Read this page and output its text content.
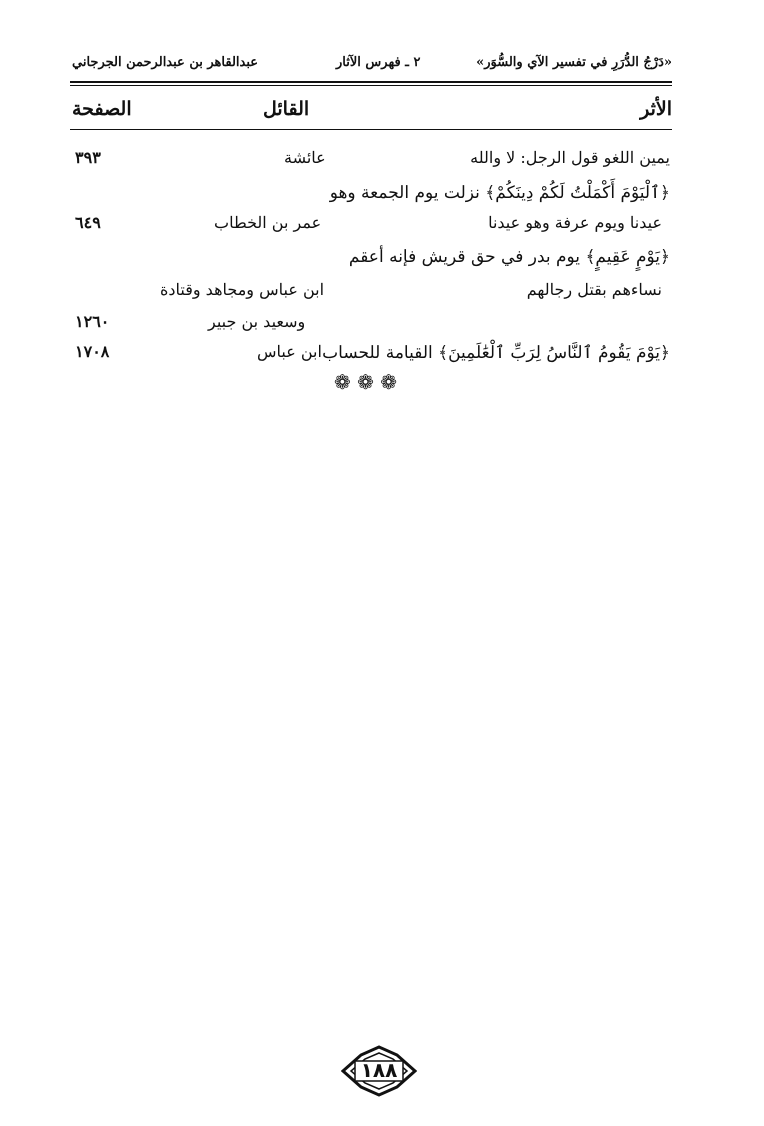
«دَرْجُ الدُّرَرِ في تفسير الآي والسُّوَر»
٢ ـ فهرس الآثار
عبدالقاهر بن عبدالرحمن الجرجاني
الأثر
القائل
الصفحة
يمين اللغو قول الرجل: لا والله
عائشة
٣٩٣
﴿ٱلْيَوْمَ أَكْمَلْتُ لَكُمْ دِينَكُمْ﴾ نزلت يوم الجمعة وهو
عيدنا ويوم عرفة وهو عيدنا
عمر بن الخطاب
٦٤٩
﴿يَوْمٍ عَقِيمٍ﴾ يوم بدر في حق قريش فإنه أعقم
نساءهم بقتل رجالهم
ابن عباس ومجاهد وقتادة
وسعيد بن جبير
١٢٦٠
﴿يَوْمَ يَقُومُ ٱلنَّاسُ لِرَبِّ ٱلْعَٰلَمِينَ﴾ القيامة للحساب
ابن عباس
١٧٠٨
❁ ❁ ❁
١٨٨
